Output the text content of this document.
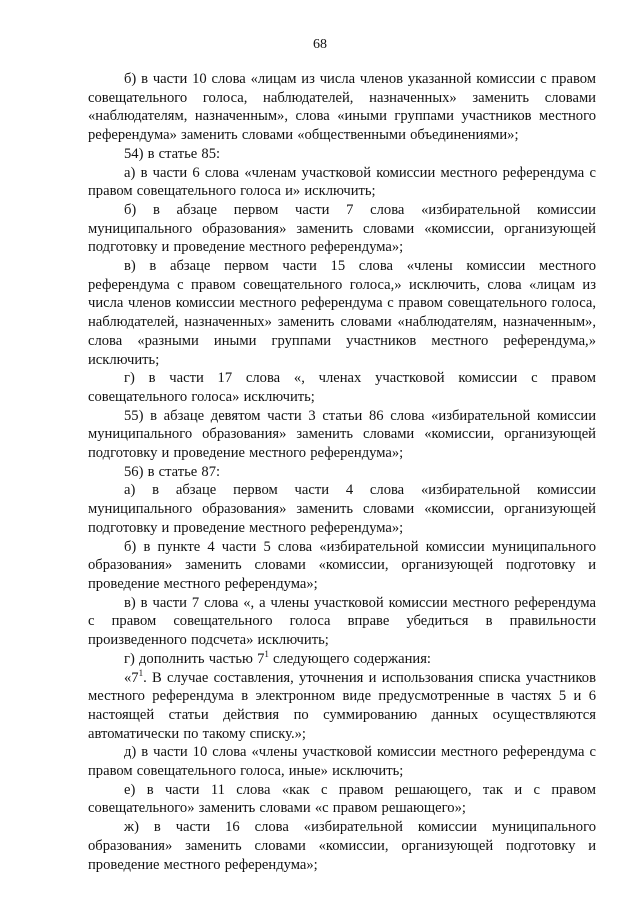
68

б) в части 10 слова «лицам из числа членов указанной комиссии с правом совещательного голоса, наблюдателей, назначенных» заменить словами «наблюдателям, назначенным», слова «иными группами участников местного референдума» заменить словами «общественными объединениями»;

54) в статье 85:

а) в части 6 слова «членам участковой комиссии местного референдума с правом совещательного голоса и» исключить;

б) в абзаце первом части 7 слова «избирательной комиссии муниципального образования» заменить словами «комиссии, организующей подготовку и проведение местного референдума»;

в) в абзаце первом части 15 слова «члены комиссии местного референдума с правом совещательного голоса,» исключить, слова «лицам из числа членов комиссии местного референдума с правом совещательного голоса, наблюдателей, назначенных» заменить словами «наблюдателям, назначенным», слова «разными иными группами участников местного референдума,» исключить;

г) в части 17 слова «, членах участковой комиссии с правом совещательного голоса» исключить;

55) в абзаце девятом части 3 статьи 86 слова «избирательной комиссии муниципального образования» заменить словами «комиссии, организующей подготовку и проведение местного референдума»;

56) в статье 87:

а) в абзаце первом части 4 слова «избирательной комиссии муниципального образования» заменить словами «комиссии, организующей подготовку и проведение местного референдума»;

б) в пункте 4 части 5 слова «избирательной комиссии муниципального образования» заменить словами «комиссии, организующей подготовку и проведение местного референдума»;

в) в части 7 слова «, а члены участковой комиссии местного референдума с правом совещательного голоса вправе убедиться в правильности произведенного подсчета» исключить;

г) дополнить частью $7^1$ следующего содержания:

«$7^1$. В случае составления, уточнения и использования списка участников местного референдума в электронном виде предусмотренные в частях 5 и 6 настоящей статьи действия по суммированию данных осуществляются автоматически по такому списку.»;

д) в части 10 слова «члены участковой комиссии местного референдума с правом совещательного голоса, иные» исключить;

е) в части 11 слова «как с правом решающего, так и с правом совещательного» заменить словами «с правом решающего»;

ж) в части 16 слова «избирательной комиссии муниципального образования» заменить словами «комиссии, организующей подготовку и проведение местного референдума»;
